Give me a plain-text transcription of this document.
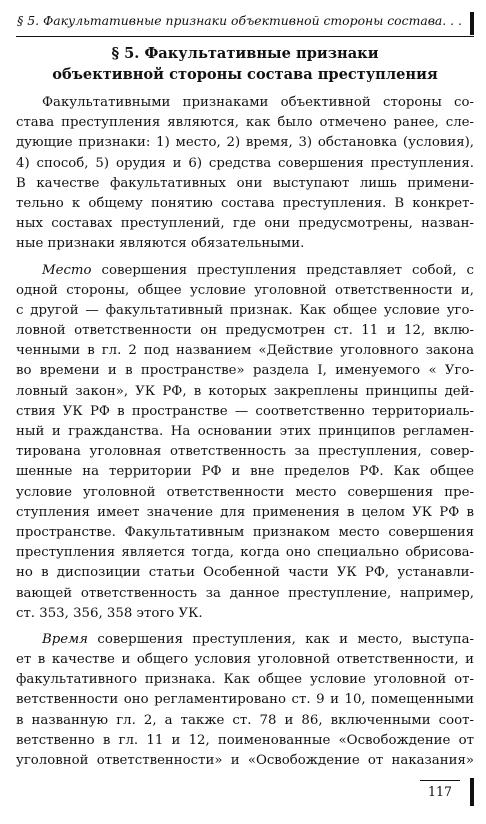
§ 5. Факультативные признаки объективной стороны состава. . .
§ 5. Факультативные признаки
объективной стороны состава преступления
Факультативными признаками объективной стороны со-
става преступления являются, как было отмечено ранее, сле-
дующие признаки: 1) место, 2) время, 3) обстановка (условия),
4) способ, 5) орудия и 6) средства совершения преступления.
В качестве факультативных они выступают лишь примени-
тельно к общему понятию состава преступления. В конкрет-
ных составах преступлений, где они предусмотрены, назван-
ные признаки являются обязательными.
Место совершения преступления представляет собой, с
одной стороны, общее условие уголовной ответственности и,
с другой — факультативный признак. Как общее условие уго-
ловной ответственности он предусмотрен ст. 11 и 12, вклю-
ченными в гл. 2 под названием «Действие уголовного закона
во времени и в пространстве» раздела I, именуемого « Уго-
ловный закон», УК РФ, в которых закреплены принципы дей-
ствия УК РФ в пространстве — соответственно территориаль-
ный и гражданства. На основании этих принципов регламен-
тирована уголовная ответственность за преступления, совер-
шенные на территории РФ и вне пределов РФ. Как общее
условие уголовной ответственности место совершения пре-
ступления имеет значение для применения в целом УК РФ в
пространстве. Факультативным признаком место совершения
преступления является тогда, когда оно специально обрисова-
но в диспозиции статьи Особенной части УК РФ, устанавли-
вающей ответственность за данное преступление, например,
ст. 353, 356, 358 этого УК.
Время совершения преступления, как и место, выступа-
ет в качестве и общего условия уголовной ответственности, и
факультативного признака. Как общее условие уголовной от-
ветственности оно регламентировано ст. 9 и 10, помещенными
в названную гл. 2, а также ст. 78 и 86, включенными соот-
ветственно в гл. 11 и 12, поименованные «Освобождение от
уголовной ответственности» и «Освобождение от наказания»
117
